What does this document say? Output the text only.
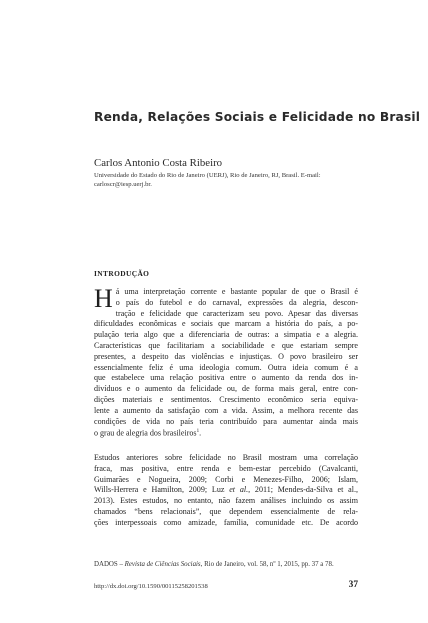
Renda, Relações Sociais e Felicidade no Brasil
Carlos Antonio Costa Ribeiro
Universidade do Estado do Rio de Janeiro (UERJ), Rio de Janeiro, RJ, Brasil. E-mail:
carloscr@iesp.uerj.br.
INTRODUÇÃO
H á uma interpretação corrente e bastante popular de que o Brasil é
o país do futebol e do carnaval, expressões da alegria, descon-
tração e felicidade que caracterizam seu povo. Apesar das diversas
dificuldades econômicas e sociais que marcam a história do país, a po-
pulação teria algo que a diferenciaria de outras: a simpatia e a alegria.
Características que facilitariam a sociabilidade e que estariam sempre
presentes, a despeito das violências e injustiças. O povo brasileiro ser
essencialmente feliz é uma ideologia comum. Outra ideia comum é a
que estabelece uma relação positiva entre o aumento da renda dos in-
divíduos e o aumento da felicidade ou, de forma mais geral, entre con-
dições materiais e sentimentos. Crescimento econômico seria equiva-
lente a aumento da satisfação com a vida. Assim, a melhora recente das
condições de vida no país teria contribuído para aumentar ainda mais
o grau de alegria dos brasileiros$^1$.
Estudos anteriores sobre felicidade no Brasil mostram uma correlação
fraca, mas positiva, entre renda e bem-estar percebido (Cavalcanti,
Guimarães e Nogueira, 2009; Corbi e Menezes-Filho, 2006; Islam,
Wills-Herrera e Hamilton, 2009; Luz et al., 2011; Mendes-da-Silva et al.,
2013). Estes estudos, no entanto, não fazem análises incluindo os assim
chamados “bens relacionais”, que dependem essencialmente de rela-
ções interpessoais como amizade, família, comunidade etc. De acordo
DADOS – Revista de Ciências Sociais, Rio de Janeiro, vol. 58, nº 1, 2015, pp. 37 a 78.
http://dx.doi.org/10.1590/00115258201538	37
